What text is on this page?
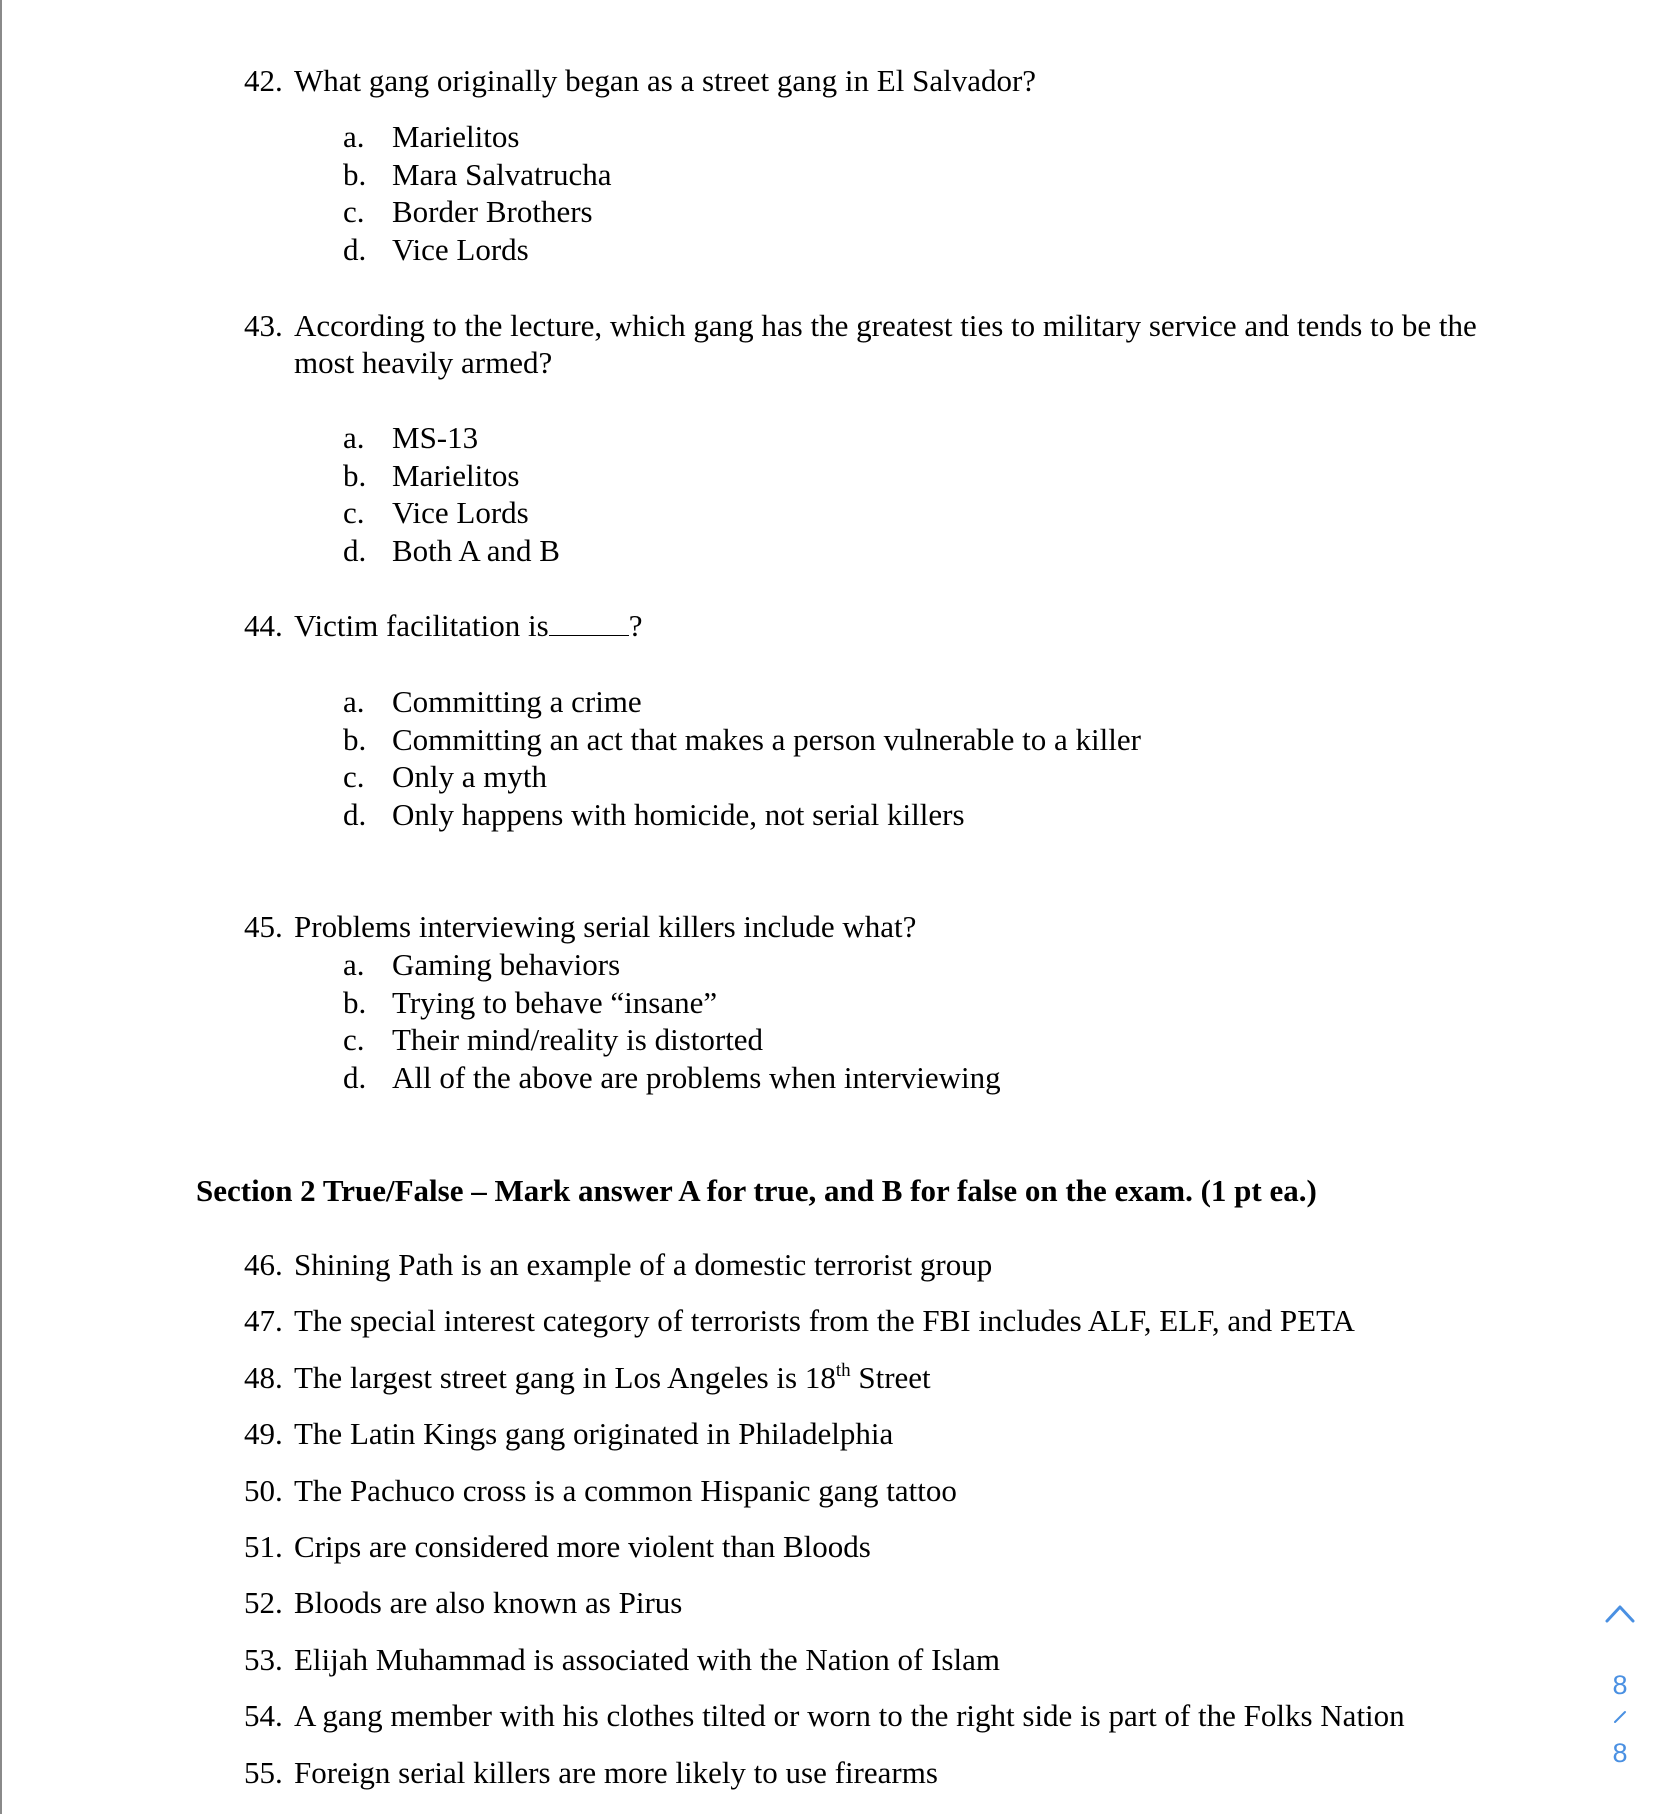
42. What gang originally began as a street gang in El Salvador?
a. Marielitos
b. Mara Salvatrucha
c. Border Brothers
d. Vice Lords
43. According to the lecture, which gang has the greatest ties to military service and tends to be the most heavily armed?
a. MS-13
b. Marielitos
c. Vice Lords
d. Both A and B
44. Victim facilitation is	?
a. Committing a crime
b. Committing an act that makes a person vulnerable to a killer
c. Only a myth
d. Only happens with homicide, not serial killers
45. Problems interviewing serial killers include what?
a. Gaming behaviors
b. Trying to behave “insane”
c. Their mind/reality is distorted
d. All of the above are problems when interviewing
Section 2 True/False – Mark answer A for true, and B for false on the exam. (1 pt ea.)
46. Shining Path is an example of a domestic terrorist group
47. The special interest category of terrorists from the FBI includes ALF, ELF, and PETA
48. The largest street gang in Los Angeles is 18th Street
49. The Latin Kings gang originated in Philadelphia
50. The Pachuco cross is a common Hispanic gang tattoo
51. Crips are considered more violent than Bloods
52. Bloods are also known as Pirus
53. Elijah Muhammad is associated with the Nation of Islam
54. A gang member with his clothes tilted or worn to the right side is part of the Folks Nation
55. Foreign serial killers are more likely to use firearms
8
8
